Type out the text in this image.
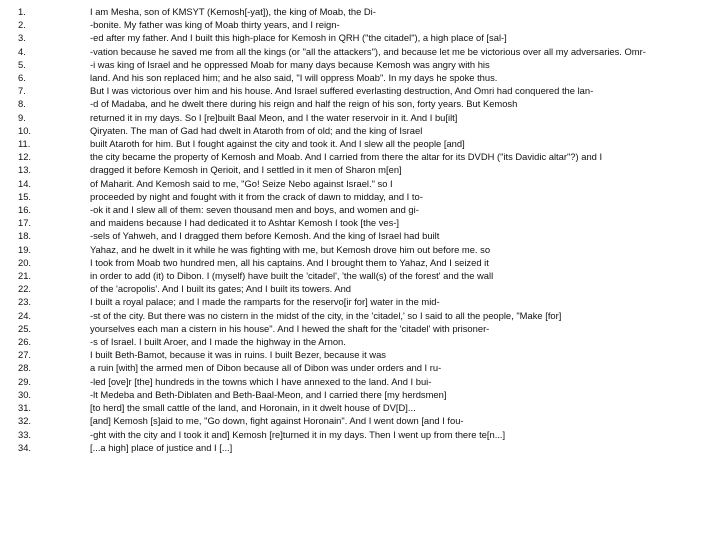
1.	I am Mesha, son of KMSYT (Kemosh[-yat]), the king of Moab, the Di-
2.	-bonite. My father was king of Moab thirty years, and I reign-
3.	-ed after my father. And I built this high-place for Kemosh in QRH ("the citadel"), a high place of [sal-]
4.	-vation because he saved me from all the kings (or "all the attackers"), and because let me be victorious over all my adversaries. Omr-
5.	-i was king of Israel and he oppressed Moab for many days because Kemosh was angry with his
6.	land. And his son replaced him; and he also said, "I will oppress Moab". In my days he spoke thus.
7.	But I was victorious over him and his house. And Israel suffered everlasting destruction, And Omri had conquered the lan-
8.	-d of Madaba, and he dwelt there during his reign and half the reign of his son, forty years. But Kemosh
9.	returned it in my days. So I [re]built Baal Meon, and I the water reservoir in it. And I bu[ilt]
10.	Qiryaten. The man of Gad had dwelt in Ataroth from of old; and the king of Israel
11.	built Ataroth for him. But I fought against the city and took it. And I slew all the people [and]
12.	the city became the property of Kemosh and Moab. And I carried from there the altar for its DVDH ("its Davidic altar"?) and I
13.	dragged it before Kemosh in Qerioit, and I settled in it men of Sharon m[en]
14.	of Maharit. And Kemosh said to me, "Go! Seize Nebo against Israel." so I
15.	proceeded by night and fought with it from the crack of dawn to midday, and I to-
16.	-ok it and I slew all of them: seven thousand men and boys, and women and gi-
17.	and maidens because I had dedicated it to Ashtar Kemosh I took [the ves-]
18.	-sels of Yahweh, and I dragged them before Kemosh. And the king of Israel had built
19.	Yahaz, and he dwelt in it while he was fighting with me, but Kemosh drove him out before me. so
20.	I took from Moab two hundred men, all his captains. And I brought them to Yahaz, And I seized it
21.	in order to add (it) to Dibon. I (myself) have built the 'citadel', 'the wall(s) of the forest' and the wall
22.	of the 'acropolis'. And I built its gates; And I built its towers. And
23.	I built a royal palace; and I made the ramparts for the reservo[ir for] water in the mid-
24.	-st of the city. But there was no cistern in the midst of the city, in the 'citadel,' so I said to all the people, "Make [for]
25.	yourselves each man a cistern in his house". And I hewed the shaft for the 'citadel' with prisoner-
26.	-s of Israel. I built Aroer, and I made the highway in the Arnon.
27.	I built Beth-Bamot, because it was in ruins. I built Bezer, because it was
28.	a ruin [with] the armed men of Dibon because all of Dibon was under orders and I ru-
29.	-led [ove]r [the] hundreds in the towns which I have annexed to the land. And I bui-
30.	-lt Medeba and Beth-Diblaten and Beth-Baal-Meon, and I carried there [my herdsmen]
31.	[to herd] the small cattle of the land, and Horonain, in it dwelt house of DV[D]...
32.	[and] Kemosh [s]aid to me, "Go down, fight against Horonain". And I went down [and I fou-
33.	-ght with the city and I took it and] Kemosh [re]turned it in my days. Then I went up from there te[n...]
34.	[...a high] place of justice and I [...]
